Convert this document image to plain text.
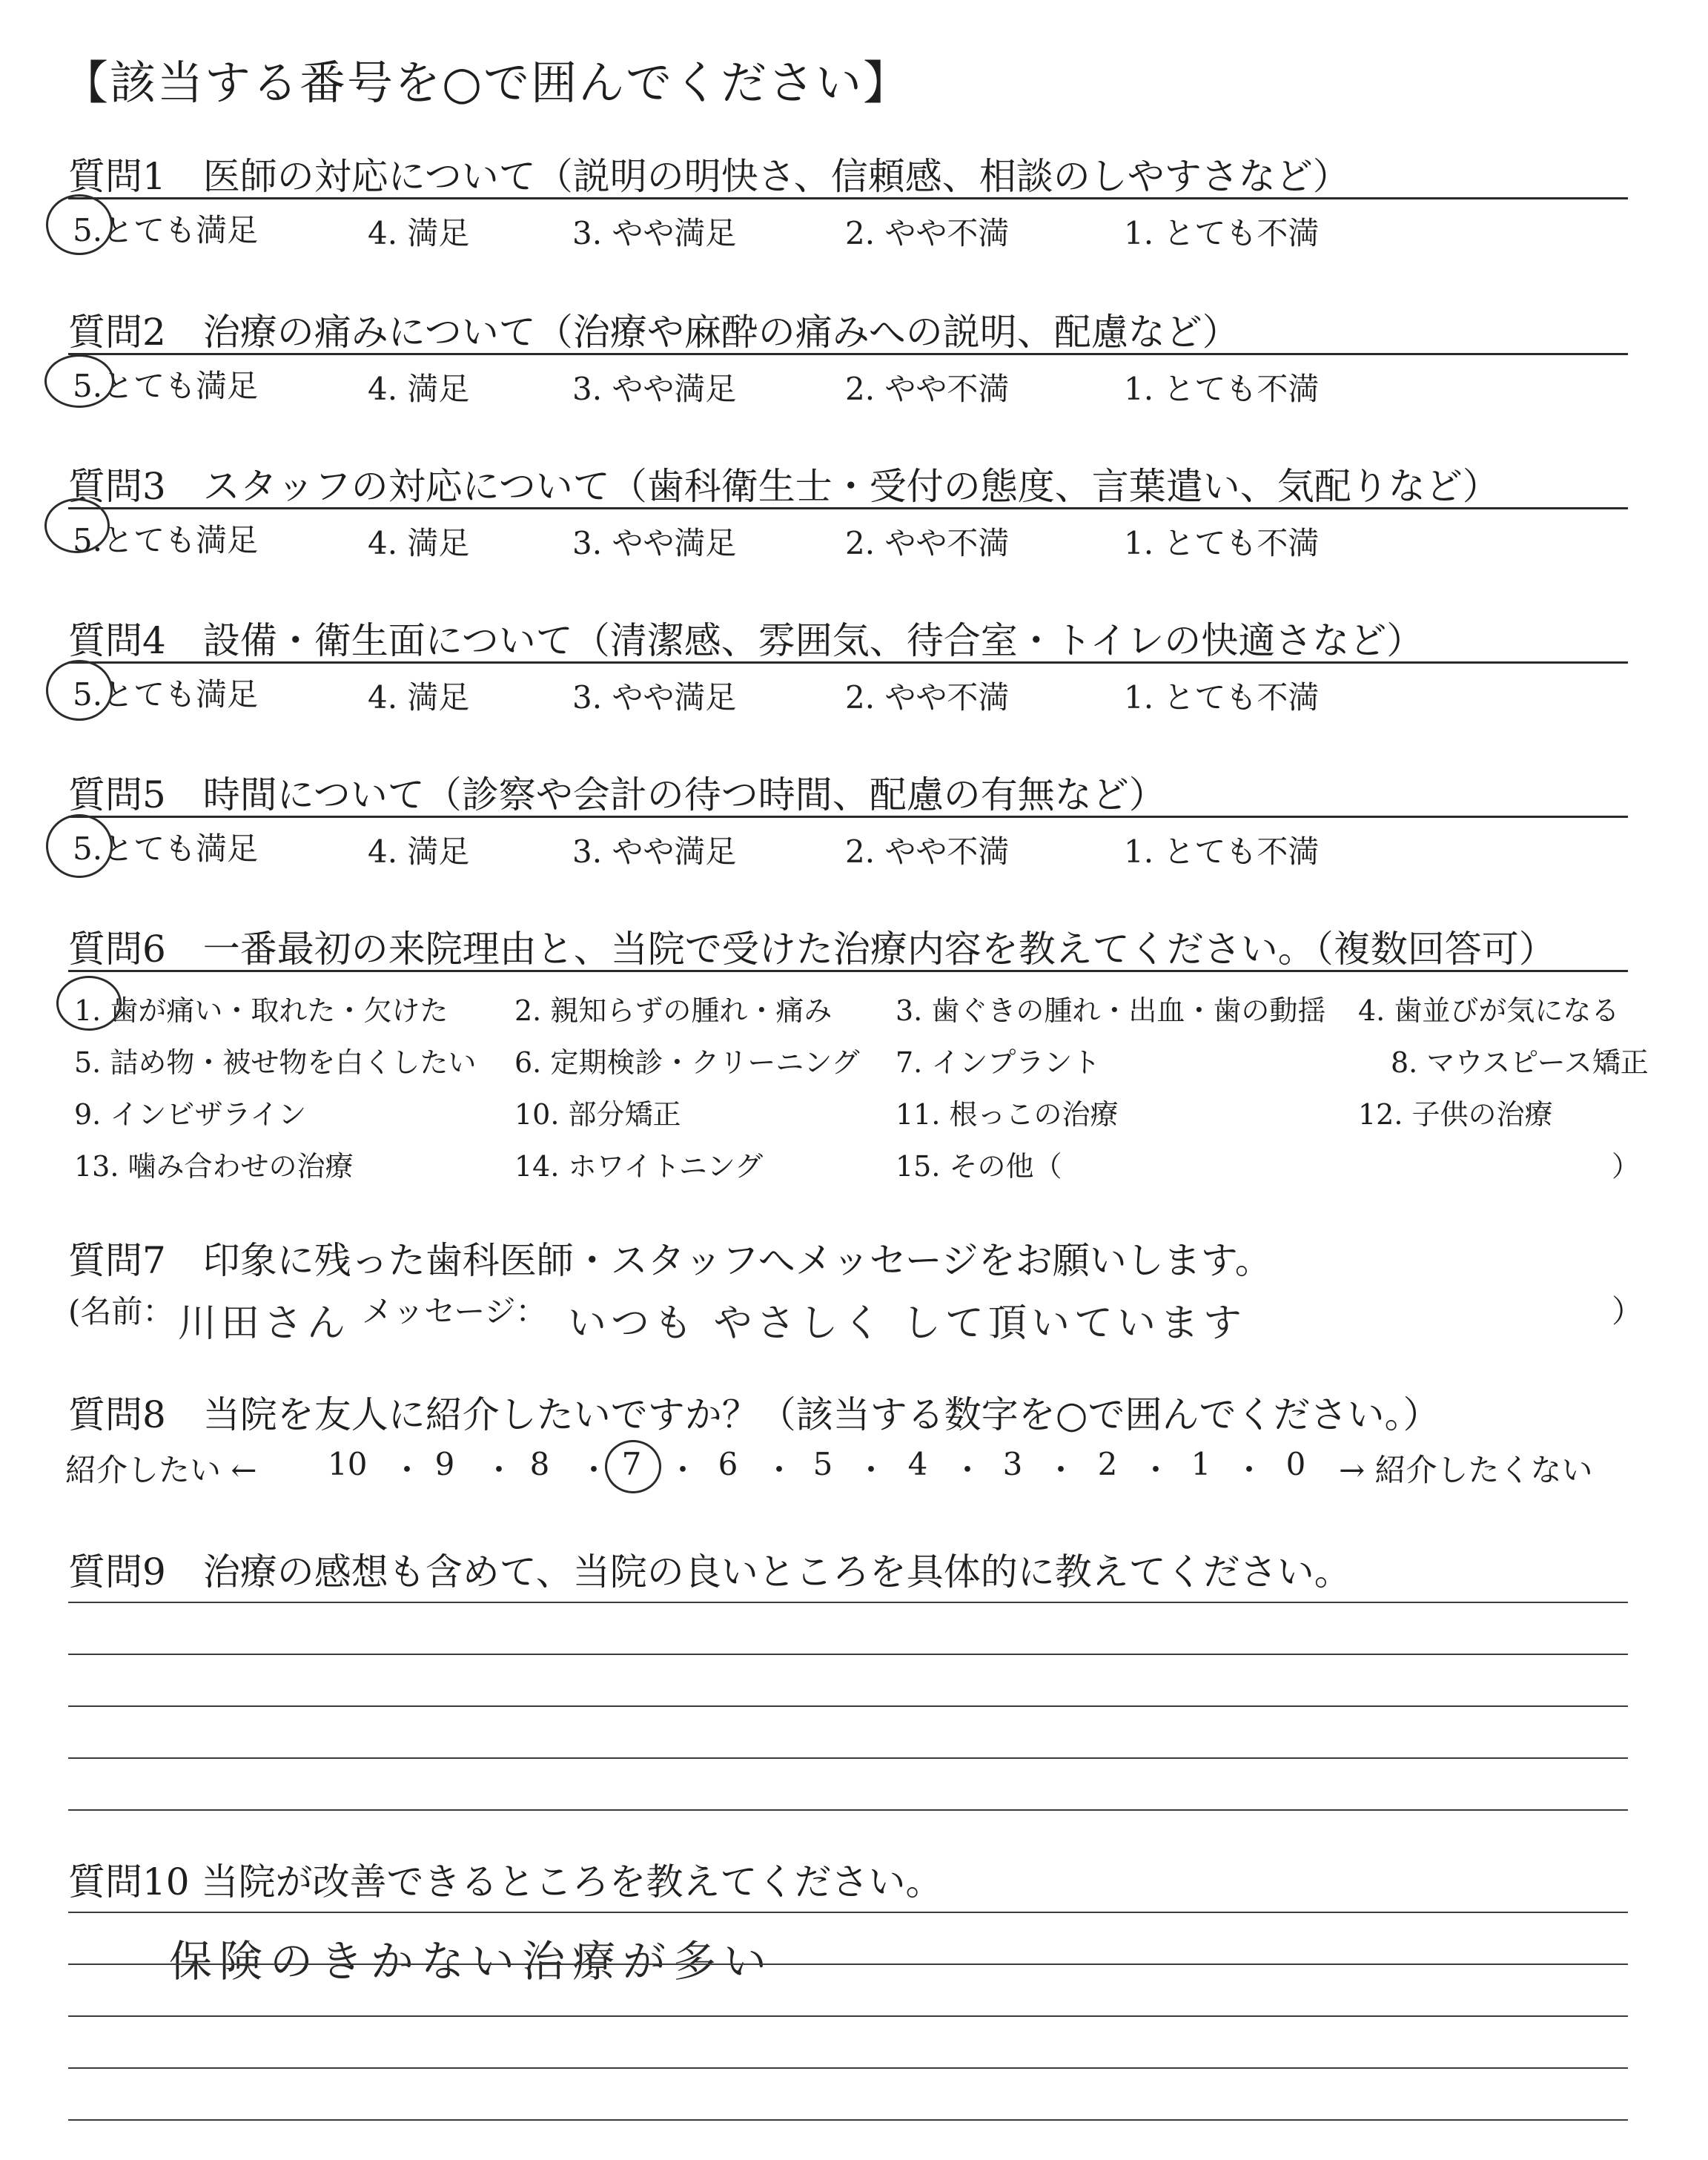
【該当する番号を○で囲んでください】
質問1　医師の対応について（説明の明快さ、信頼感、相談のしやすさなど）
5.とても満足	4. 満足	3. やや満足	2. やや不満	1. とても不満
質問2　治療の痛みについて（治療や麻酔の痛みへの説明、配慮など）
5.とても満足	4. 満足	3. やや満足	2. やや不満	1. とても不満
質問3　スタッフの対応について（歯科衛生士・受付の態度、言葉遣い、気配りなど）
5.とても満足	4. 満足	3. やや満足	2. やや不満	1. とても不満
質問4　設備・衛生面について（清潔感、雰囲気、待合室・トイレの快適さなど）
5.とても満足	4. 満足	3. やや満足	2. やや不満	1. とても不満
質問5　時間について（診察や会計の待つ時間、配慮の有無など）
5.とても満足	4. 満足	3. やや満足	2. やや不満	1. とても不満
質問6　一番最初の来院理由と、当院で受けた治療内容を教えてください。（複数回答可）
1. 歯が痛い・取れた・欠けた 2. 親知らずの腫れ・痛み 3. 歯ぐきの腫れ・出血・歯の動揺 4. 歯並びが気になる
5. 詰め物・被せ物を白くしたい 6. 定期検診・クリーニング 7. インプラント	8. マウスピース矯正
9. インビザライン	10. 部分矯正	11. 根っこの治療	12. 子供の治療
13. 噛み合わせの治療	14. ホワイトニング	15. その他（	）
質問7　印象に残った歯科医師・スタッフへメッセージをお願いします。
(名前： 川田さん メッセージ： いつも やさしく して頂いています	）
質問8　当院を友人に紹介したいですか？（該当する数字を○で囲んでください。）
紹介したい ← 10 ・ 9 ・ 8 ・ 7 ・ 6 ・ 5 ・ 4 ・ 3 ・ 2 ・ 1 ・ 0 → 紹介したくない
質問9　治療の感想も含めて、当院の良いところを具体的に教えてください。
質問10 当院が改善できるところを教えてください。
保険のきかない治療が多い
